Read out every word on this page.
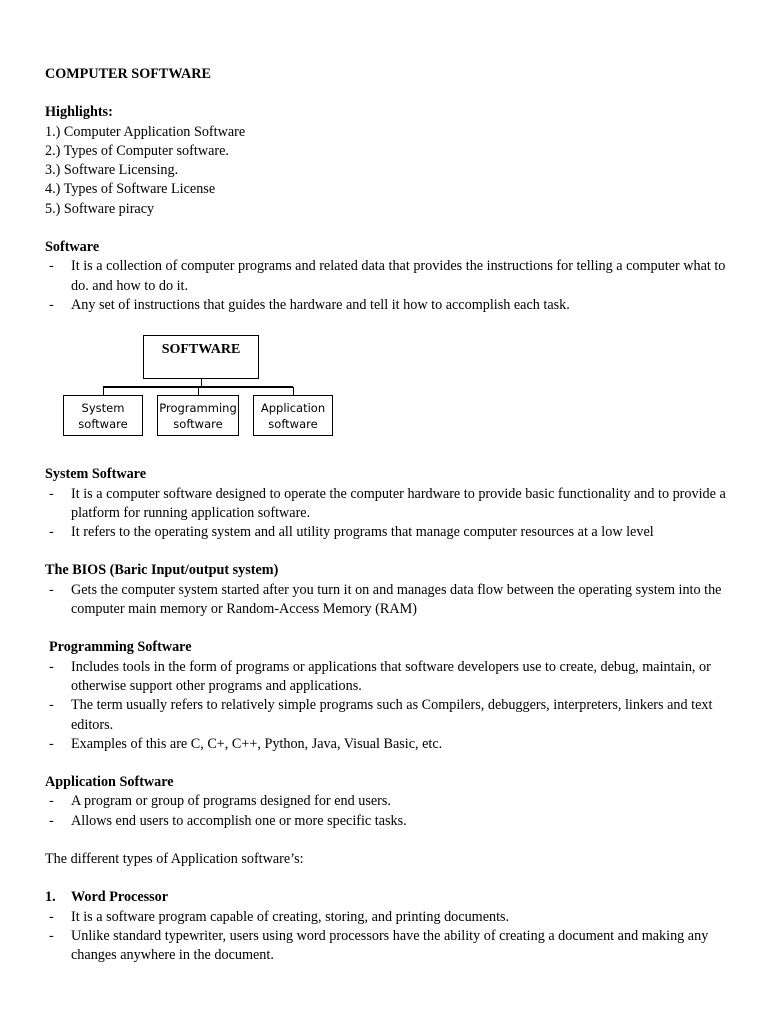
COMPUTER SOFTWARE

Highlights:

1.) Computer Application Software
2.) Types of Computer software.
3.) Software Licensing.
4.) Types of Software License
5.) Software piracy

Software

- It is a collection of computer programs and related data that provides the instructions for telling a computer what to do. and how to do it.
- Any set of instructions that guides the hardware and tell it how to accomplish each task.
SOFTWARE
System
software
Programming
software
Application
software

System Software

- It is a computer software designed to operate the computer hardware to provide basic functionality and to provide a platform for running application software.
- It refers to the operating system and all utility programs that manage computer resources at a low level

The BIOS (Baric Input/output system)

- Gets the computer system started after you turn it on and manages data flow between the operating system into the computer main memory or Random-Access Memory (RAM)

Programming Software

- Includes tools in the form of programs or applications that software developers use to create, debug, maintain, or otherwise support other programs and applications.
- The term usually refers to relatively simple programs such as Compilers, debuggers, interpreters, linkers and text editors.
- Examples of this are C, C+, C++, Python, Java, Visual Basic, etc.

Application Software

- A program or group of programs designed for end users.
- Allows end users to accomplish one or more specific tasks.

The different types of Application software’s:

1. Word Processor

- It is a software program capable of creating, storing, and printing documents.
- Unlike standard typewriter, users using word processors have the ability of creating a document and making any changes anywhere in the document.
